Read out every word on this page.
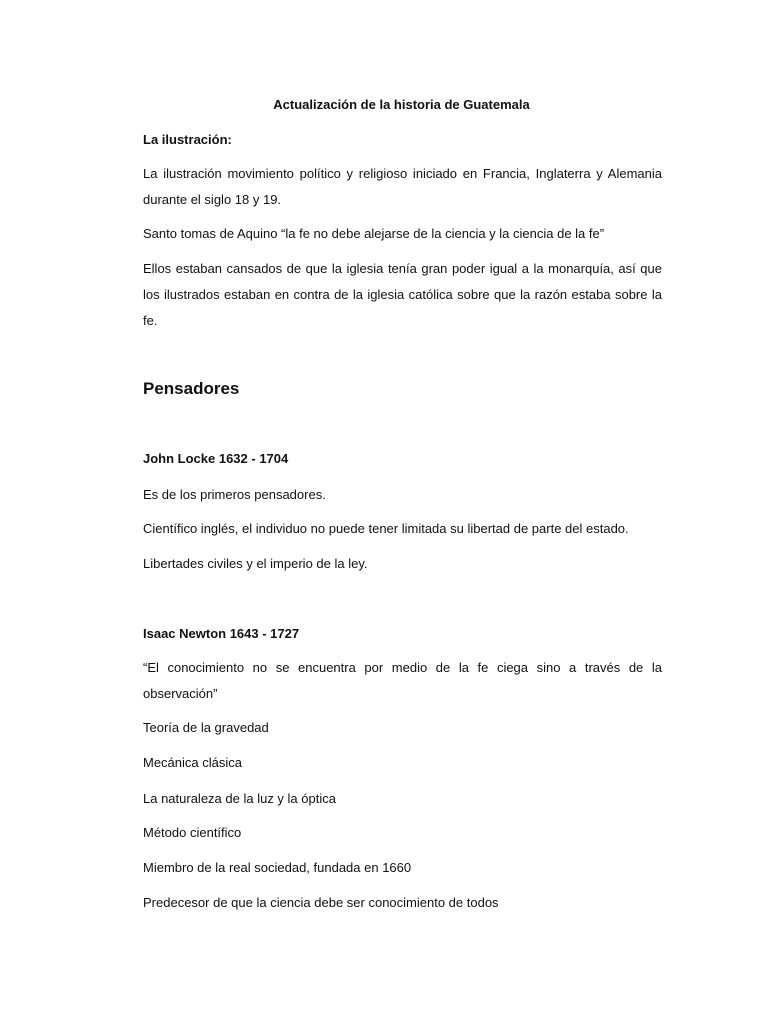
Actualización de la historia de Guatemala

La ilustración:

La ilustración movimiento político y religioso iniciado en Francia, Inglaterra y Alemania durante el siglo 18 y 19.

Santo tomas de Aquino “la fe no debe alejarse de la ciencia y la ciencia de la fe”

Ellos estaban cansados de que la iglesia tenía gran poder igual a la monarquía, así que los ilustrados estaban en contra de la iglesia católica sobre que la razón estaba sobre la fe.

Pensadores

John Locke 1632 - 1704

Es de los primeros pensadores.

Científico inglés, el individuo no puede tener limitada su libertad de parte del estado.

Libertades civiles y el imperio de la ley.

Isaac Newton 1643 - 1727

“El conocimiento no se encuentra por medio de la fe ciega sino a través de la observación”

Teoría de la gravedad

Mecánica clásica

La naturaleza de la luz y la óptica

Método científico

Miembro de la real sociedad, fundada en 1660

Predecesor de que la ciencia debe ser conocimiento de todos
